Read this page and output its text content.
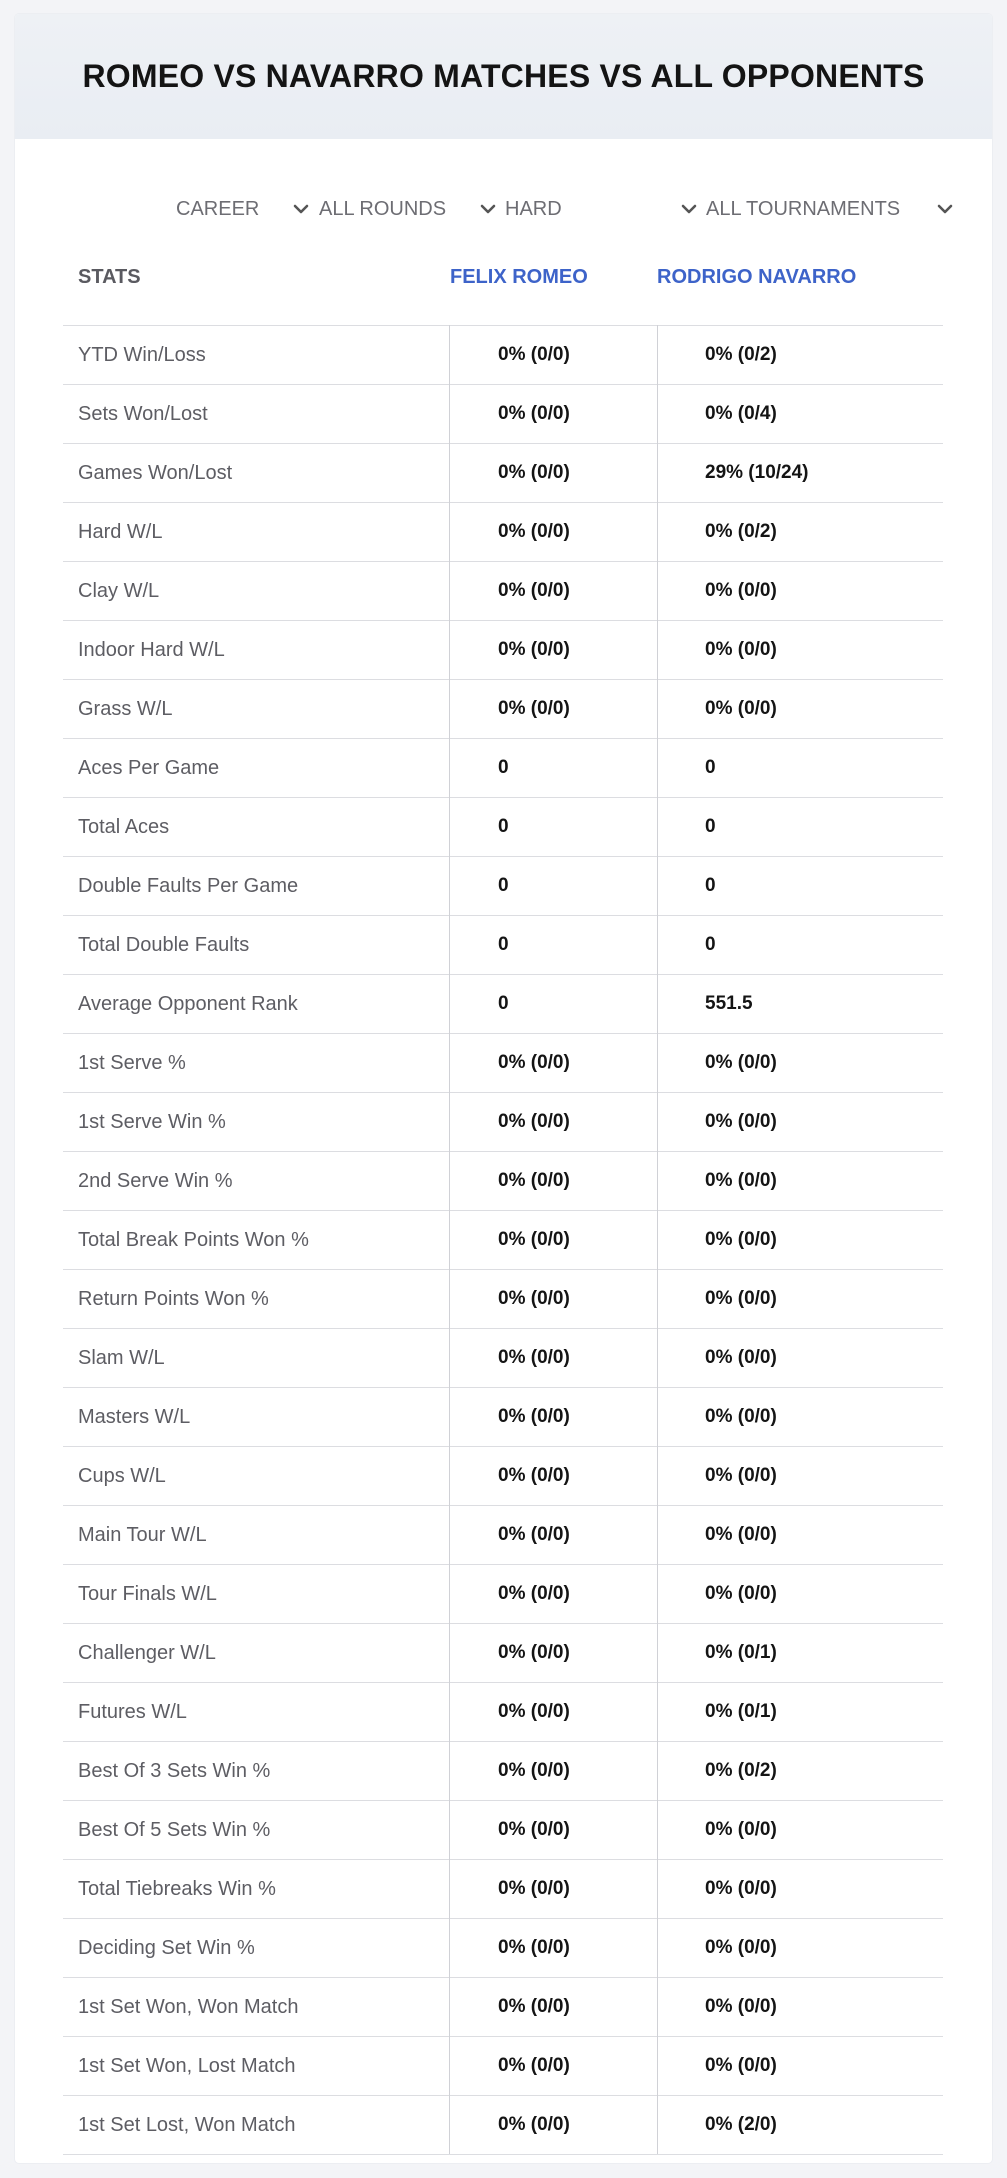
ROMEO VS NAVARRO MATCHES VS ALL OPPONENTS
CAREER	ALL ROUNDS	HARD	ALL TOURNAMENTS
STATS	FELIX ROMEO	RODRIGO NAVARRO
YTD Win/Loss	0% (0/0)	0% (0/2)
Sets Won/Lost	0% (0/0)	0% (0/4)
Games Won/Lost	0% (0/0)	29% (10/24)
Hard W/L	0% (0/0)	0% (0/2)
Clay W/L	0% (0/0)	0% (0/0)
Indoor Hard W/L	0% (0/0)	0% (0/0)
Grass W/L	0% (0/0)	0% (0/0)
Aces Per Game	0	0
Total Aces	0	0
Double Faults Per Game	0	0
Total Double Faults	0	0
Average Opponent Rank	0	551.5
1st Serve %	0% (0/0)	0% (0/0)
1st Serve Win %	0% (0/0)	0% (0/0)
2nd Serve Win %	0% (0/0)	0% (0/0)
Total Break Points Won %	0% (0/0)	0% (0/0)
Return Points Won %	0% (0/0)	0% (0/0)
Slam W/L	0% (0/0)	0% (0/0)
Masters W/L	0% (0/0)	0% (0/0)
Cups W/L	0% (0/0)	0% (0/0)
Main Tour W/L	0% (0/0)	0% (0/0)
Tour Finals W/L	0% (0/0)	0% (0/0)
Challenger W/L	0% (0/0)	0% (0/1)
Futures W/L	0% (0/0)	0% (0/1)
Best Of 3 Sets Win %	0% (0/0)	0% (0/2)
Best Of 5 Sets Win %	0% (0/0)	0% (0/0)
Total Tiebreaks Win %	0% (0/0)	0% (0/0)
Deciding Set Win %	0% (0/0)	0% (0/0)
1st Set Won, Won Match	0% (0/0)	0% (0/0)
1st Set Won, Lost Match	0% (0/0)	0% (0/0)
1st Set Lost, Won Match	0% (0/0)	0% (2/0)
